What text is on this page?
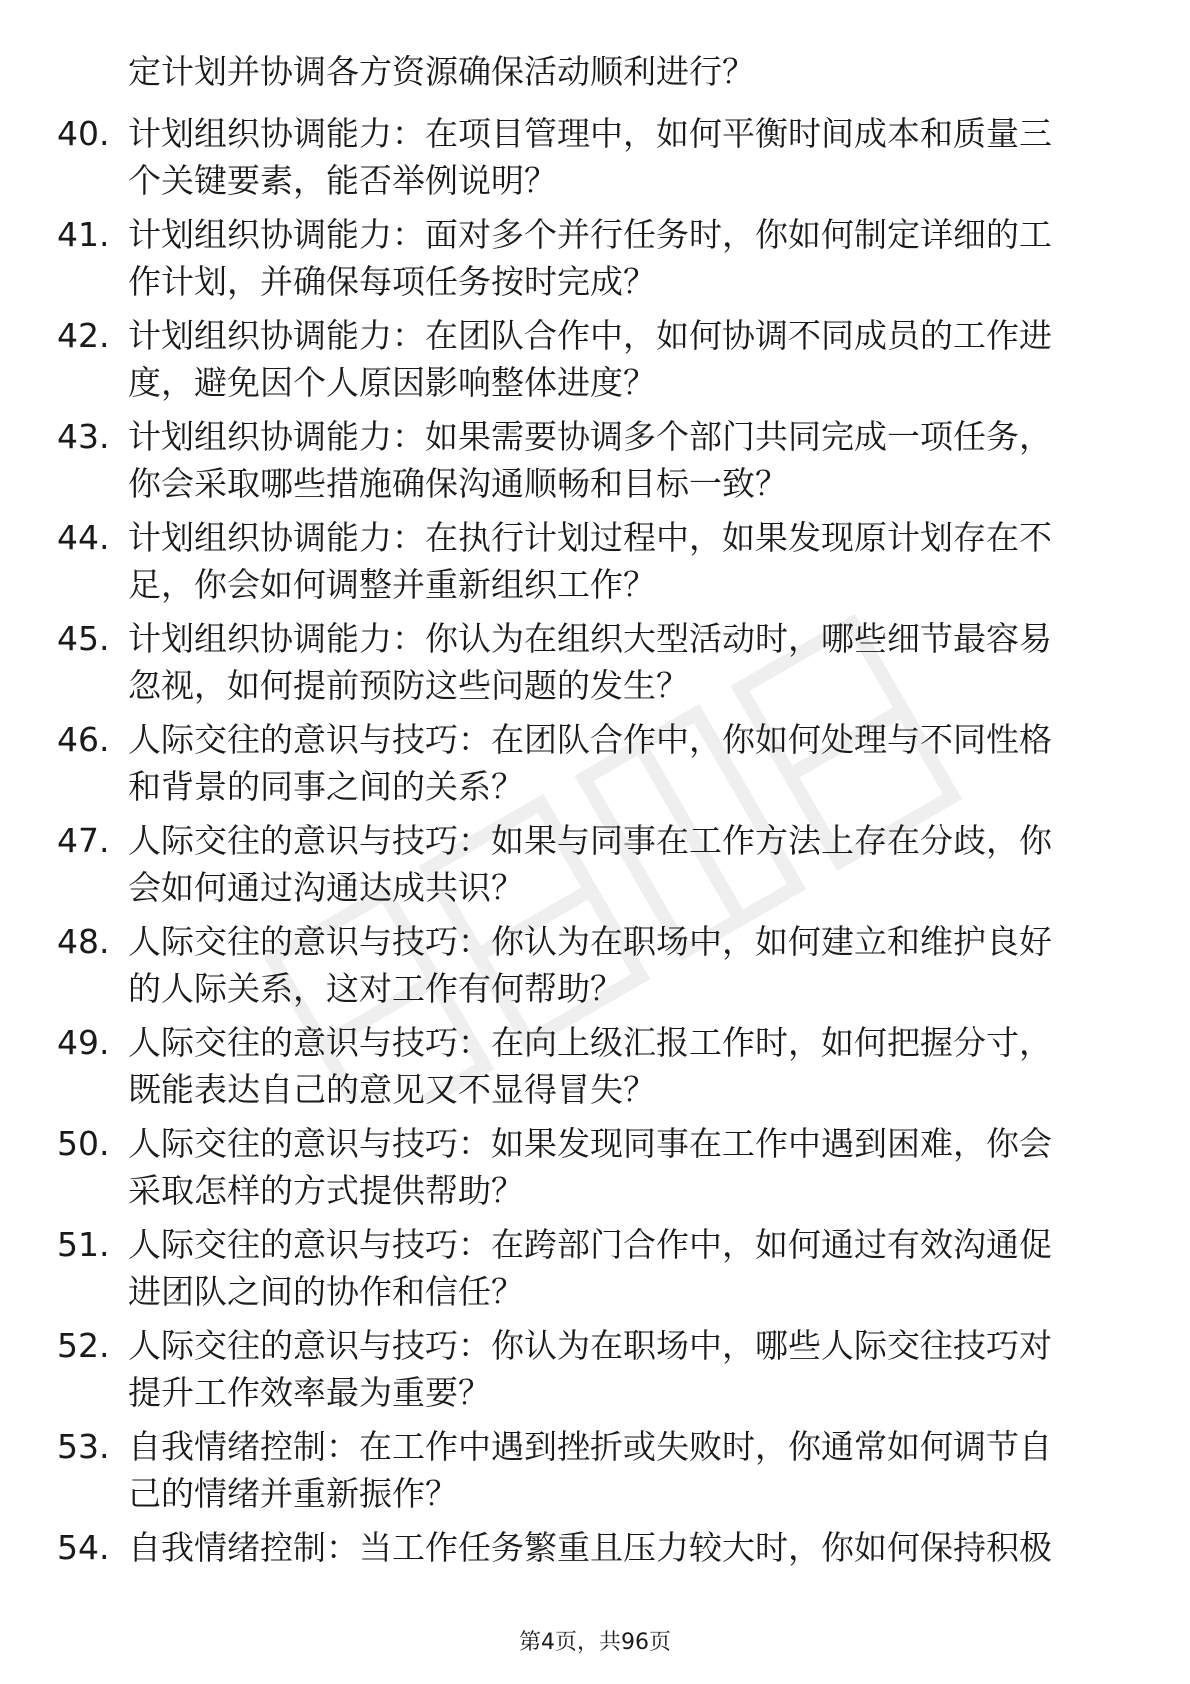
定计划并协调各方资源确保活动顺利进行？
40. 计划组织协调能力：在项目管理中，如何平衡时间成本和质量三
个关键要素，能否举例说明？
41. 计划组织协调能力：面对多个并行任务时，你如何制定详细的工
作计划，并确保每项任务按时完成？
42. 计划组织协调能力：在团队合作中，如何协调不同成员的工作进
度，避免因个人原因影响整体进度？
43. 计划组织协调能力：如果需要协调多个部门共同完成一项任务，
你会采取哪些措施确保沟通顺畅和目标一致？
44. 计划组织协调能力：在执行计划过程中，如果发现原计划存在不
足，你会如何调整并重新组织工作？
45. 计划组织协调能力：你认为在组织大型活动时，哪些细节最容易
忽视，如何提前预防这些问题的发生？
46. 人际交往的意识与技巧：在团队合作中，你如何处理与不同性格
和背景的同事之间的关系？
47. 人际交往的意识与技巧：如果与同事在工作方法上存在分歧，你
会如何通过沟通达成共识？
48. 人际交往的意识与技巧：你认为在职场中，如何建立和维护良好
的人际关系，这对工作有何帮助？
49. 人际交往的意识与技巧：在向上级汇报工作时，如何把握分寸，
既能表达自己的意见又不显得冒失？
50. 人际交往的意识与技巧：如果发现同事在工作中遇到困难，你会
采取怎样的方式提供帮助？
51. 人际交往的意识与技巧：在跨部门合作中，如何通过有效沟通促
进团队之间的协作和信任？
52. 人际交往的意识与技巧：你认为在职场中，哪些人际交往技巧对
提升工作效率最为重要？
53. 自我情绪控制：在工作中遇到挫折或失败时，你通常如何调节自
己的情绪并重新振作？
54. 自我情绪控制：当工作任务繁重且压力较大时，你如何保持积极
第4页，共96页
